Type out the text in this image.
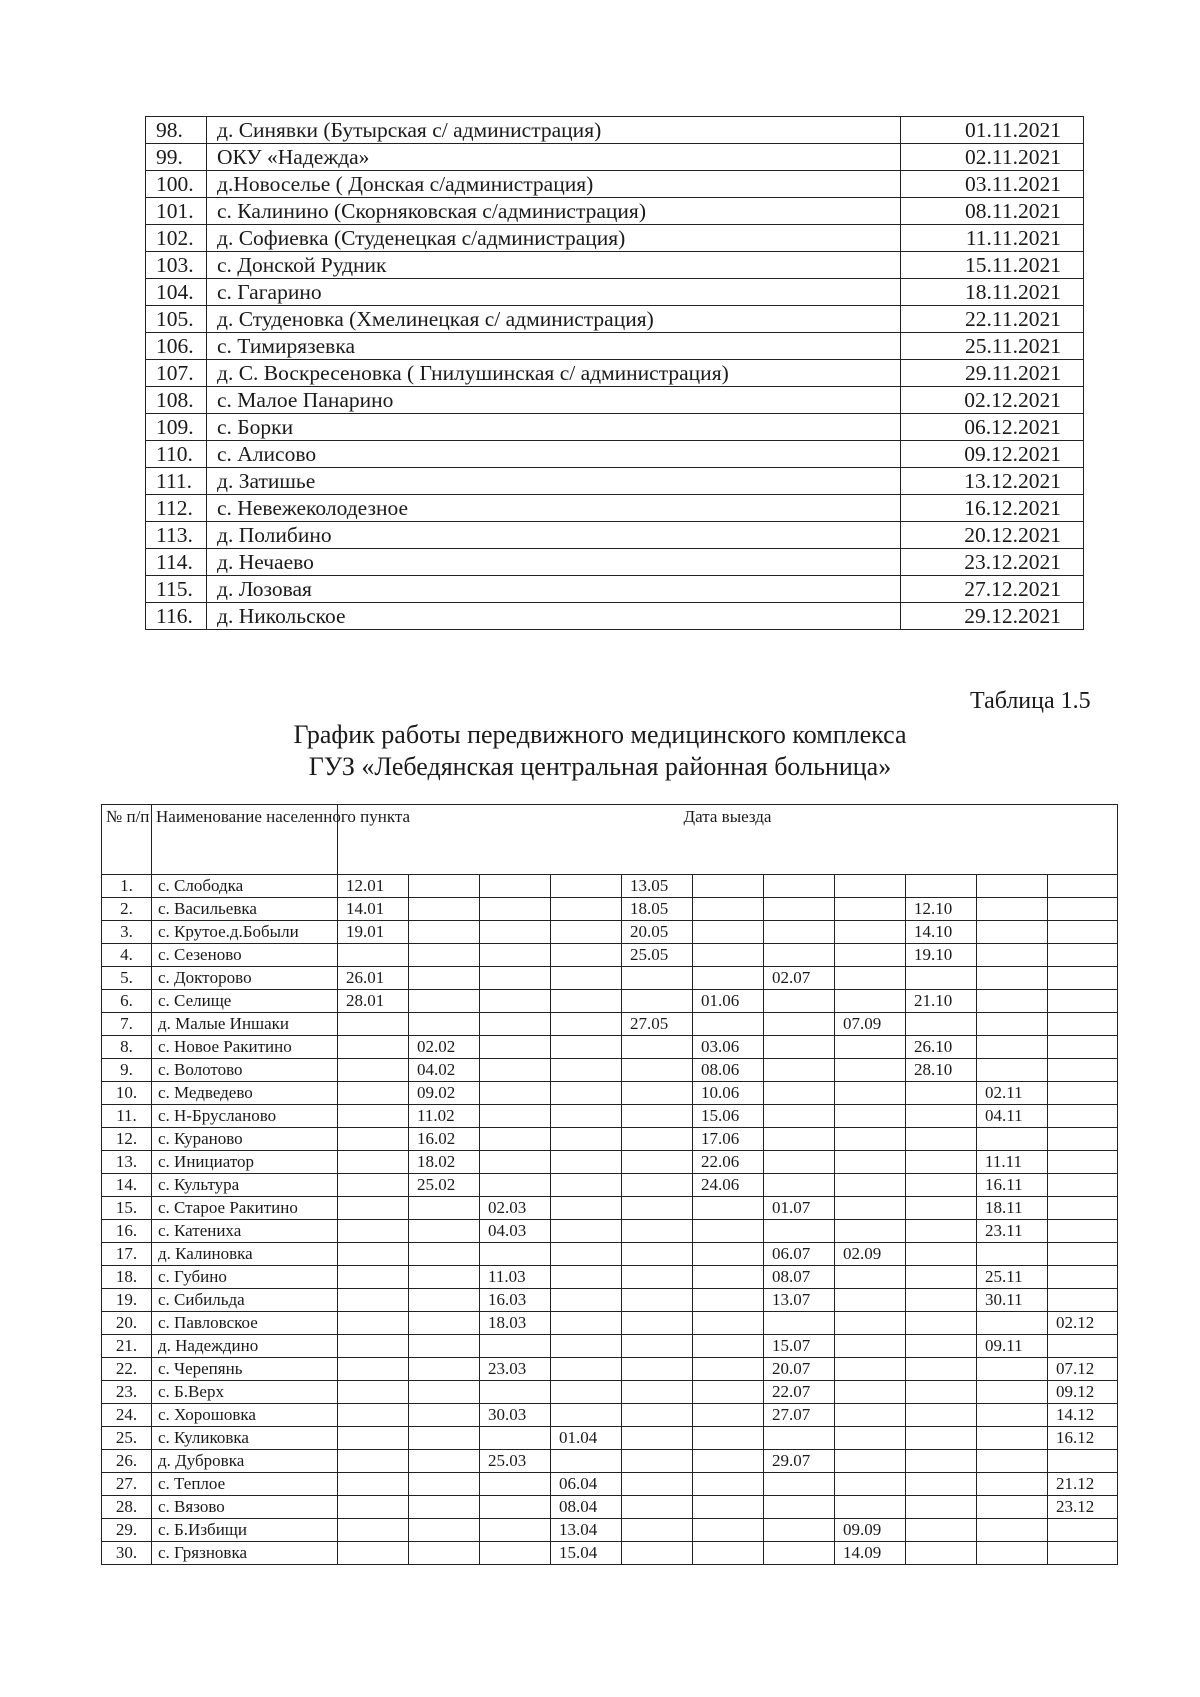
98.	д. Синявки (Бутырская с/ администрация)	01.11.2021
99.	ОКУ «Надежда»	02.11.2021
100.	д.Новоселье ( Донская с/администрация)	03.11.2021
101.	с. Калинино (Скорняковская с/администрация)	08.11.2021
102.	д. Софиевка (Студенецкая с/администрация)	11.11.2021
103.	с. Донской Рудник	15.11.2021
104.	с. Гагарино	18.11.2021
105.	д. Студеновка (Хмелинецкая с/ администрация)	22.11.2021
106.	с. Тимирязевка	25.11.2021
107.	д. С. Воскресеновка ( Гнилушинская с/ администрация)	29.11.2021
108.	с. Малое Панарино	02.12.2021
109.	с. Борки	06.12.2021
110.	с. Алисово	09.12.2021
111.	д. Затишье	13.12.2021
112.	с. Невежеколодезное	16.12.2021
113.	д. Полибино	20.12.2021
114.	д. Нечаево	23.12.2021
115.	д. Лозовая	27.12.2021
116.	д. Никольское	29.12.2021
Таблица 1.5
График работы передвижного медицинского комплекса
ГУЗ «Лебедянская центральная районная больница»
№ п/п	Наименование населенного пункта	Дата выезда										
1.	с. Слободка	12.01				13.05						
2.	с. Васильевка	14.01				18.05				12.10		
3.	с. Крутое.д.Бобыли	19.01				20.05				14.10		
4.	с. Сезеново					25.05				19.10		
5.	с. Доктopoвo	26.01						02.07				
6.	с. Селище	28.01					01.06			21.10		
7.	д. Малые Иншаки					27.05			07.09			
8.	с. Новое Ракитино		02.02				03.06			26.10		
9.	с. Волотово		04.02				08.06			28.10		
10.	с. Медведево		09.02				10.06				02.11	
11.	с. Н-Брусланово		11.02				15.06				04.11	
12.	с. Кураново		16.02				17.06					
13.	с. Инициатор		18.02				22.06				11.11	
14.	с. Культура		25.02				24.06				16.11	
15.	с. Старое Ракитино			02.03				01.07			18.11	
16.	с. Катениха			04.03							23.11	
17.	д. Калиновка							06.07	02.09			
18.	с. Губино			11.03				08.07			25.11	
19.	с. Сибильда			16.03				13.07			30.11	
20.	с. Павловское			18.03								02.12
21.	д. Надеждино							15.07			09.11	
22.	с. Черепянь			23.03				20.07				07.12
23.	с. Б.Верх							22.07				09.12
24.	с. Хорошовка			30.03				27.07				14.12
25.	с. Куликовка				01.04							16.12
26.	д. Дубровка			25.03				29.07				
27.	с. Теплое				06.04							21.12
28.	с. Вязово				08.04							23.12
29.	с. Б.Избищи				13.04				09.09			
30.	с. Грязновка				15.04				14.09			
